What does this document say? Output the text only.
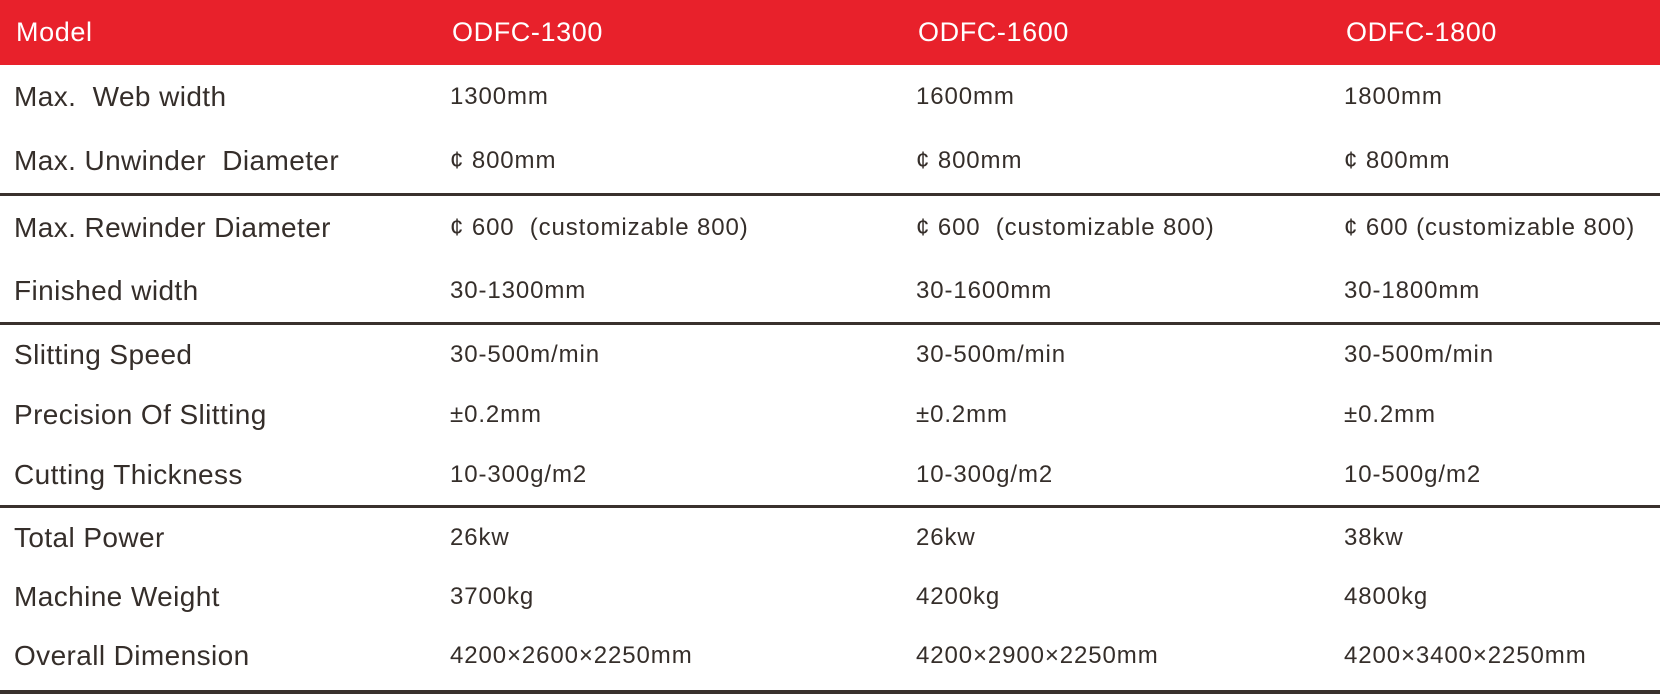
Model	ODFC-1300	ODFC-1600	ODFC-1800
Max.  Web width	1300mm	1600mm	1800mm
Max. Unwinder  Diameter	¢ 800mm	¢ 800mm	¢ 800mm
Max. Rewinder Diameter	¢ 600  (customizable 800)	¢ 600  (customizable 800)	¢ 600 (customizable 800)
Finished width	30-1300mm	30-1600mm	30-1800mm
Slitting Speed	30-500m/min	30-500m/min	30-500m/min
Precision Of Slitting	±0.2mm	±0.2mm	±0.2mm
Cutting Thickness	10-300g/m2	10-300g/m2	10-500g/m2
Total Power	26kw	26kw	38kw
Machine Weight	3700kg	4200kg	4800kg
Overall Dimension	4200×2600×2250mm	4200×2900×2250mm	4200×3400×2250mm
